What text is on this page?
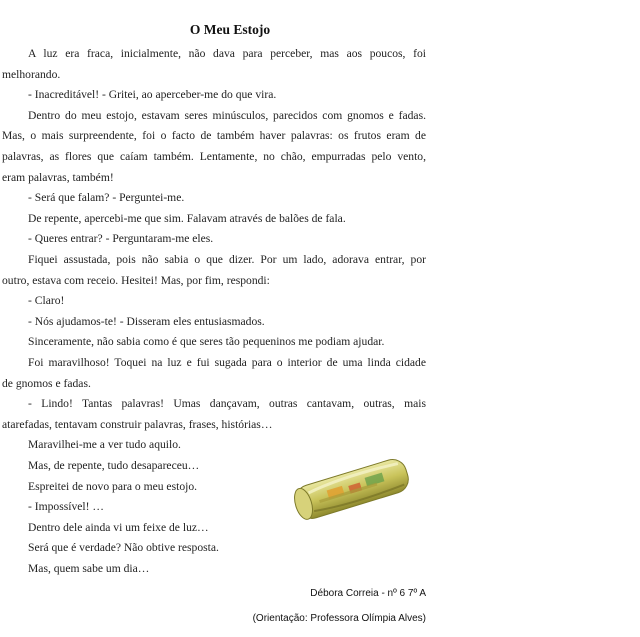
O Meu Estojo
A luz era fraca, inicialmente, não dava para perceber, mas aos poucos, foi
melhorando.
- Inacreditável! - Gritei, ao aperceber-me do que vira.
Dentro do meu estojo, estavam seres minúsculos, parecidos com gnomos e fadas.
Mas, o mais surpreendente, foi o facto de também haver palavras: os frutos eram de
palavras, as flores que caíam também. Lentamente, no chão, empurradas pelo vento,
eram palavras, também!
- Será que falam? - Perguntei-me.
De repente, apercebi-me que sim. Falavam através de balões de fala.
- Queres entrar? - Perguntaram-me eles.
Fiquei assustada, pois não sabia o que dizer. Por um lado, adorava entrar, por
outro, estava com receio. Hesitei! Mas, por fim, respondi:
- Claro!
- Nós ajudamos-te! - Disseram eles entusiasmados.
Sinceramente, não sabia como é que seres tão pequeninos me podiam ajudar.
Foi maravilhoso! Toquei na luz e fui sugada para o interior de uma linda cidade
de gnomos e fadas.
- Lindo! Tantas palavras! Umas dançavam, outras cantavam, outras, mais
atarefadas, tentavam construir palavras, frases, histórias…
Maravilhei-me a ver tudo aquilo.
Mas, de repente, tudo desapareceu…
Espreitei de novo para o meu estojo.
- Impossível! …
Dentro dele ainda vi um feixe de luz…
Será que é verdade? Não obtive resposta.
Mas, quem sabe um dia…
Débora Correia - nº 6 7º A
(Orientação: Professora Olímpia Alves)
